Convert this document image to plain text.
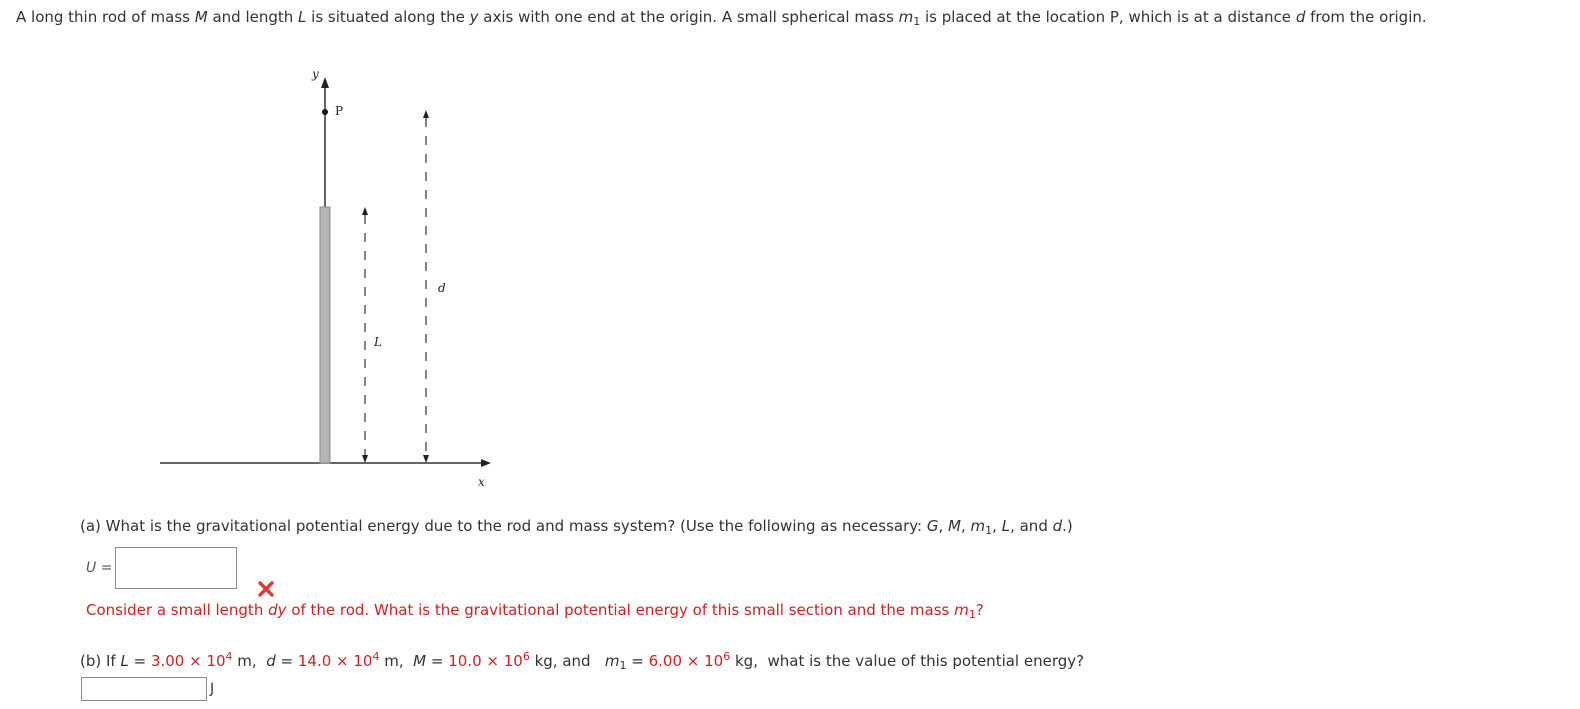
A long thin rod of mass M and length L is situated along the y axis with one end at the origin. A small spherical mass $m_1$ is placed at the location P, which is at a distance d from the origin.
y
P
d
L
x
(a) What is the gravitational potential energy due to the rod and mass system? (Use the following as necessary: G, M, $m_1$, L, and d.)
U =
Consider a small length dy of the rod. What is the gravitational potential energy of this small section and the mass $m_1$?
(b) If $L = 3.00 \times 10^4$ m, $d = 14.0 \times 10^4$ m, $M = 10.0 \times 10^6$ kg, and   $m_1 = 6.00 \times 10^6$ kg,  what is the value of this potential energy?
J
